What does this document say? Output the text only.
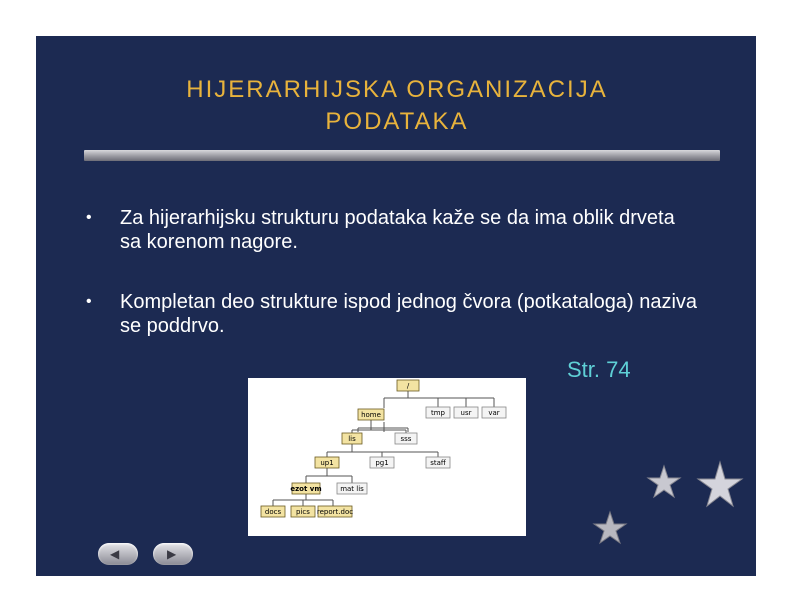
HIJERARHIJSKA ORGANIZACIJA
PODATAKA
• Za hijerarhijsku strukturu podataka kaže se da ima oblik drveta sa korenom nagore.
• Kompletan deo strukture ispod jednog čvora (potkataloga) naziva se poddrvo.
Str. 74
/
tmp usr var
home
lis	sss
up1	pg1	staff
ezot vm	mat lis
docs pics report.doc
◀	▶
